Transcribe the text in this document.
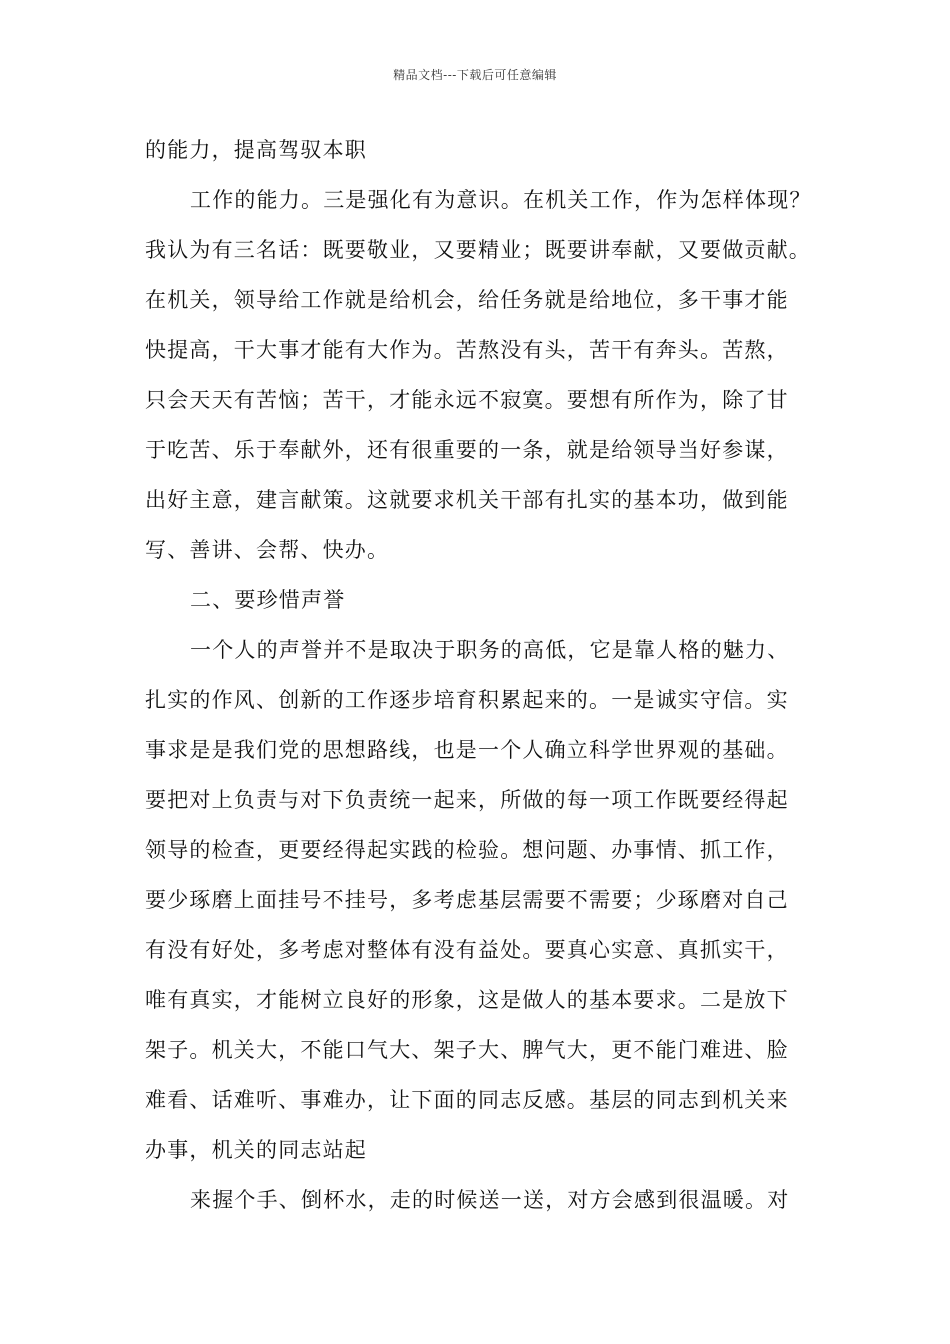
精品文档---下载后可任意编辑
的能力，提高驾驭本职
工作的能力。三是强化有为意识。在机关工作，作为怎样体现？
我认为有三名话：既要敬业，又要精业；既要讲奉献，又要做贡献。
在机关，领导给工作就是给机会，给任务就是给地位，多干事才能
快提高，干大事才能有大作为。苦熬没有头，苦干有奔头。苦熬，
只会天天有苦恼；苦干，才能永远不寂寞。要想有所作为，除了甘
于吃苦、乐于奉献外，还有很重要的一条，就是给领导当好参谋，
出好主意，建言献策。这就要求机关干部有扎实的基本功，做到能
写、善讲、会帮、快办。
二、要珍惜声誉
一个人的声誉并不是取决于职务的高低，它是靠人格的魅力、
扎实的作风、创新的工作逐步培育积累起来的。一是诚实守信。实
事求是是我们党的思想路线，也是一个人确立科学世界观的基础。
要把对上负责与对下负责统一起来，所做的每一项工作既要经得起
领导的检查，更要经得起实践的检验。想问题、办事情、抓工作，
要少琢磨上面挂号不挂号，多考虑基层需要不需要；少琢磨对自己
有没有好处，多考虑对整体有没有益处。要真心实意、真抓实干，
唯有真实，才能树立良好的形象，这是做人的基本要求。二是放下
架子。机关大，不能口气大、架子大、脾气大，更不能门难进、脸
难看、话难听、事难办，让下面的同志反感。基层的同志到机关来
办事，机关的同志站起
来握个手、倒杯水，走的时候送一送，对方会感到很温暖。对
